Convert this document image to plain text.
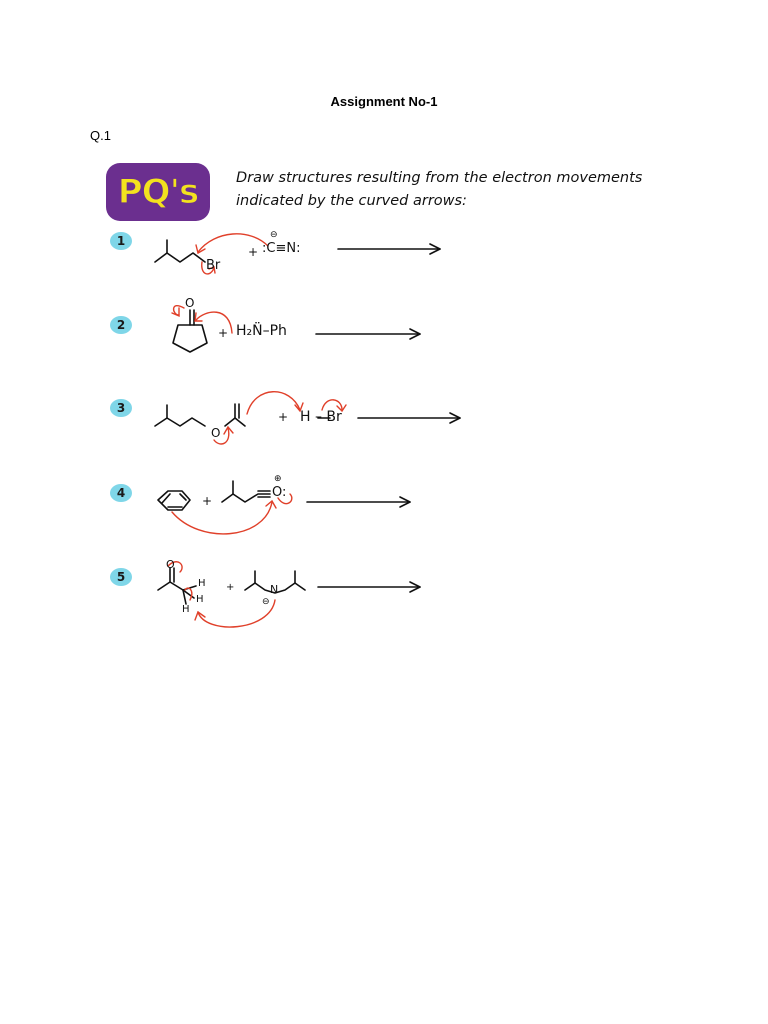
Assignment No-1
Q.1
PQ's	Draw structures resulting from the electron movements
indicated by the curved arrows:
1
2
3
4
5
Br
+
⊖
:C≡N:
O
+ H₂N̈–Ph
O
+ H – Br
+
⊕
O:
O
H
H
H
+	N
⊖
